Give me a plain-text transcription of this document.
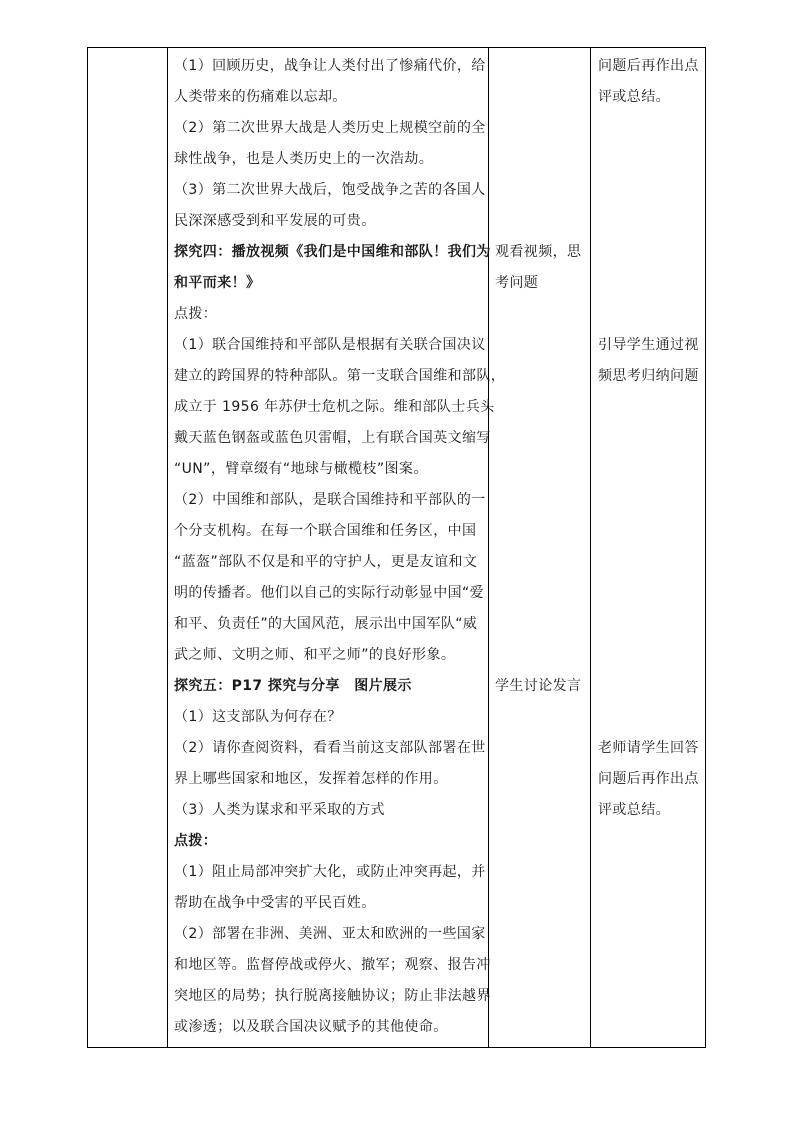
（1）回顾历史，战争让人类付出了惨痛代价，给
人类带来的伤痛难以忘却。
（2）第二次世界大战是人类历史上规模空前的全
球性战争，也是人类历史上的一次浩劫。
（3）第二次世界大战后，饱受战争之苦的各国人
民深深感受到和平发展的可贵。
探究四：播放视频《我们是中国维和部队！我们为
和平而来！》
点拨：
（1）联合国维持和平部队是根据有关联合国决议
建立的跨国界的特种部队。第一支联合国维和部队，
成立于 1956 年苏伊士危机之际。维和部队士兵头
戴天蓝色钢盔或蓝色贝雷帽，上有联合国英文缩写
“UN”，臂章缀有“地球与橄榄枝”图案。
（2）中国维和部队，是联合国维持和平部队的一
个分支机构。在每一个联合国维和任务区，中国
“蓝盔”部队不仅是和平的守护人，更是友谊和文
明的传播者。他们以自己的实际行动彰显中国“爱
和平、负责任”的大国风范，展示出中国军队“威
武之师、文明之师、和平之师”的良好形象。
探究五：P17 探究与分享　图片展示
（1）这支部队为何存在？
（2）请你查阅资料，看看当前这支部队部署在世
界上哪些国家和地区，发挥着怎样的作用。
（3）人类为谋求和平采取的方式
点拨：
（1）阻止局部冲突扩大化，或防止冲突再起，并
帮助在战争中受害的平民百姓。
（2）部署在非洲、美洲、亚太和欧洲的一些国家
和地区等。监督停战或停火、撤军；观察、报告冲
突地区的局势；执行脱离接触协议；防止非法越界
或渗透；以及联合国决议赋予的其他使命。
观看视频，思
考问题
学生讨论发言
问题后再作出点
评或总结。
引导学生通过视
频思考归纳问题
老师请学生回答
问题后再作出点
评或总结。
